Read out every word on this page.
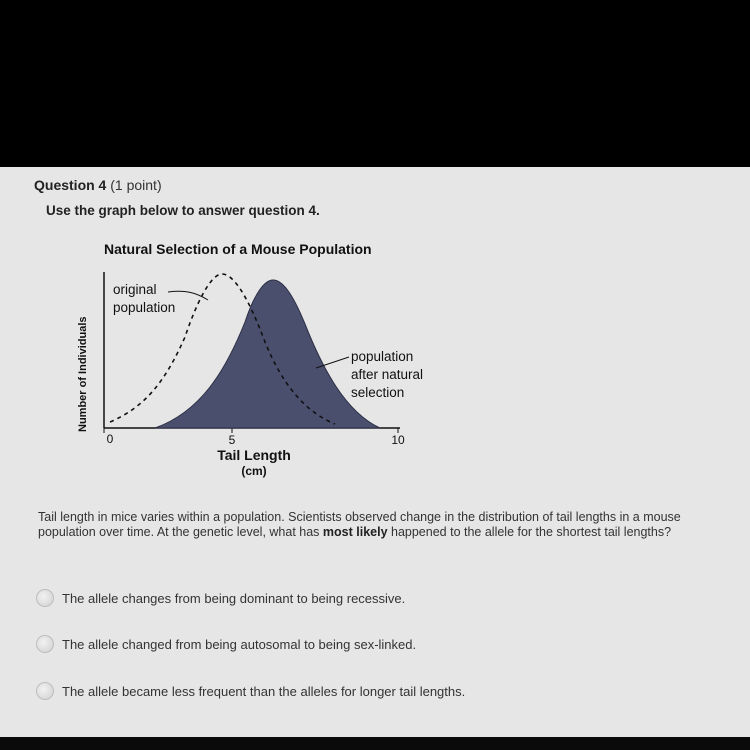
Question 4 (1 point)
Use the graph below to answer question 4.
Natural Selection of a Mouse Population
Number of Individuals
0	5	10
original population
population after natural selection
Tail Length
(cm)
Tail length in mice varies within a population. Scientists observed change in the distribution of tail lengths in a mouse population over time. At the genetic level, what has most likely happened to the allele for the shortest tail lengths?
The allele changes from being dominant to being recessive.
The allele changed from being autosomal to being sex-linked.
The allele became less frequent than the alleles for longer tail lengths.
